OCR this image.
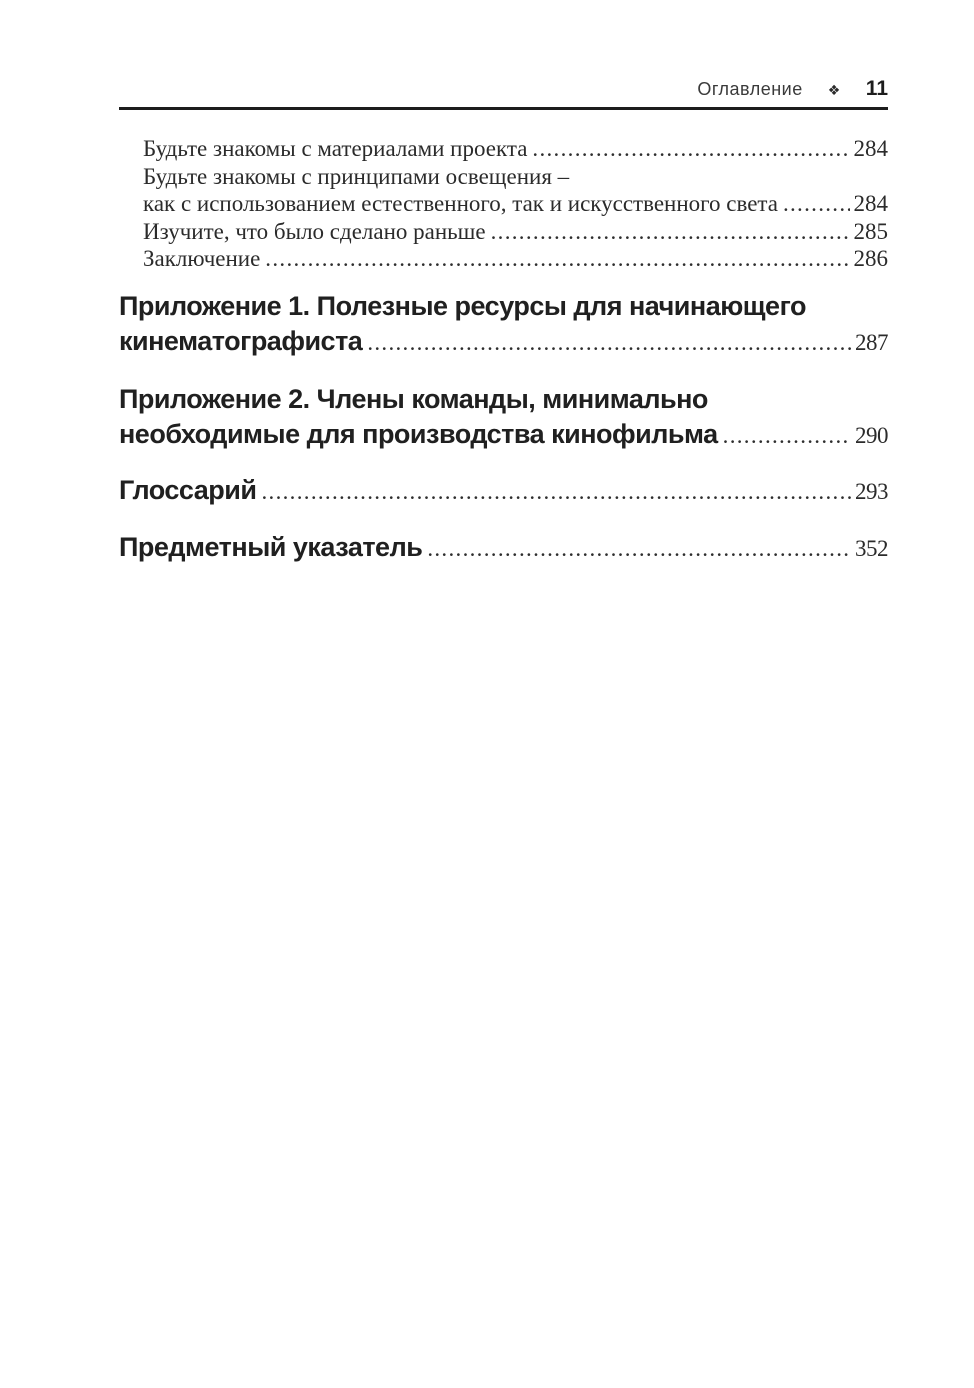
Оглавление ❖ 11
Будьте знакомы с материалами проекта .....	284
Будьте знакомы с принципами освещения –
как с использованием естественного, так и искусственного света .....	284
Изучите, что было сделано раньше .....	285
Заключение .....	286
Приложение 1. Полезные ресурсы для начинающего
кинематографиста .....	287
Приложение 2. Члены команды, минимально
необходимые для производства кинофильма .....	290
Глоссарий .....	293
Предметный указатель .....	352
